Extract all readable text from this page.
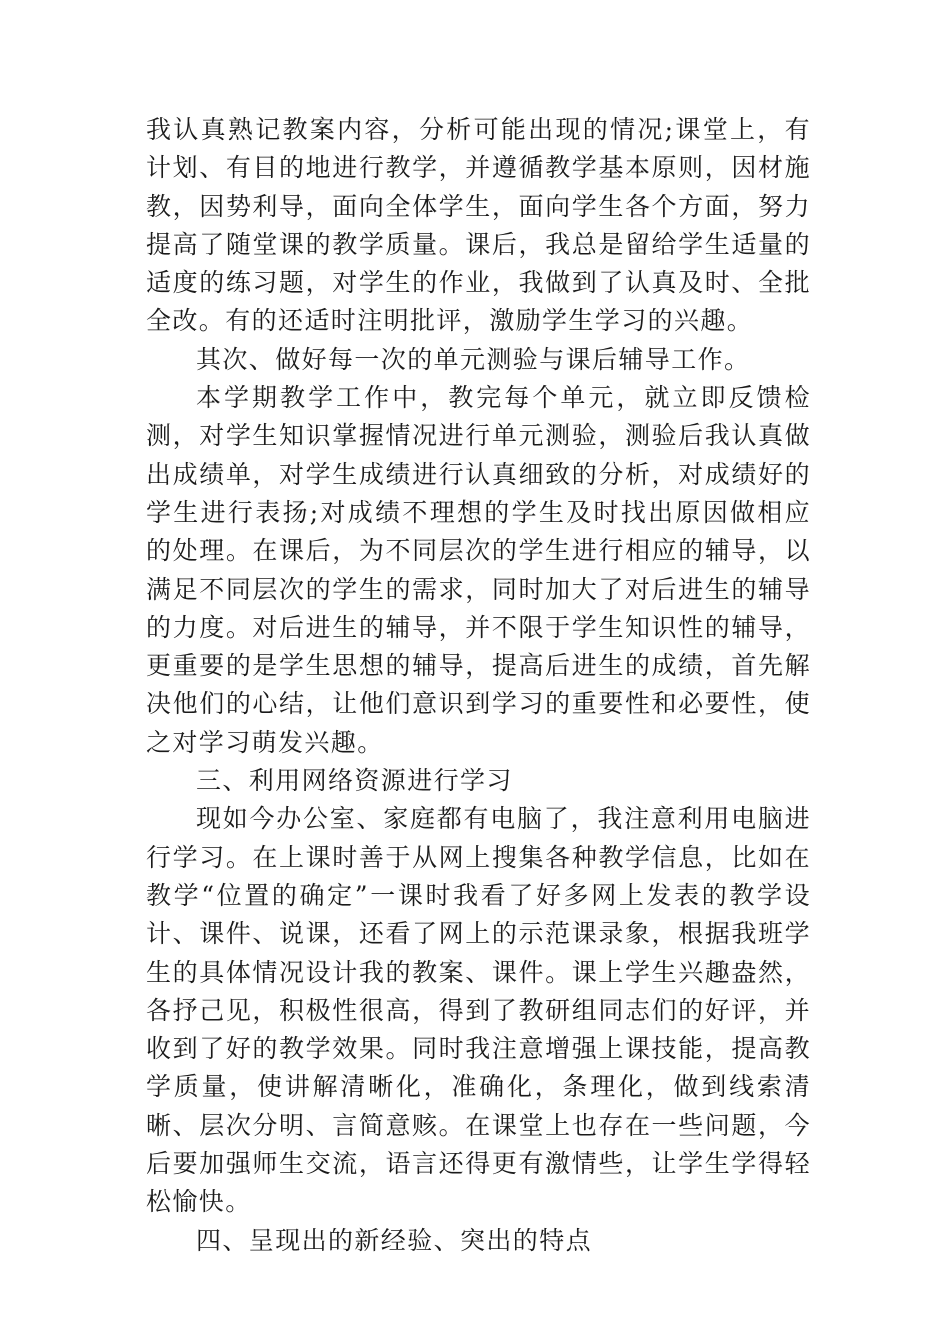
我认真熟记教案内容，分析可能出现的情况;课堂上，有计划、有目的地进行教学，并遵循教学基本原则，因材施教，因势利导，面向全体学生，面向学生各个方面，努力提高了随堂课的教学质量。课后，我总是留给学生适量的适度的练习题，对学生的作业，我做到了认真及时、全批全改。有的还适时注明批评，激励学生学习的兴趣。

其次、做好每一次的单元测验与课后辅导工作。

本学期教学工作中，教完每个单元，就立即反馈检测，对学生知识掌握情况进行单元测验，测验后我认真做出成绩单，对学生成绩进行认真细致的分析，对成绩好的学生进行表扬;对成绩不理想的学生及时找出原因做相应的处理。在课后，为不同层次的学生进行相应的辅导，以满足不同层次的学生的需求，同时加大了对后进生的辅导的力度。对后进生的辅导，并不限于学生知识性的辅导，更重要的是学生思想的辅导，提高后进生的成绩，首先解决他们的心结，让他们意识到学习的重要性和必要性，使之对学习萌发兴趣。

三、利用网络资源进行学习

现如今办公室、家庭都有电脑了，我注意利用电脑进行学习。在上课时善于从网上搜集各种教学信息，比如在教学“位置的确定”一课时我看了好多网上发表的教学设计、课件、说课，还看了网上的示范课录象，根据我班学生的具体情况设计我的教案、课件。课上学生兴趣盎然，各抒己见，积极性很高，得到了教研组同志们的好评，并收到了好的教学效果。同时我注意增强上课技能，提高教学质量，使讲解清晰化，准确化，条理化，做到线索清晰、层次分明、言简意赅。在课堂上也存在一些问题，今后要加强师生交流，语言还得更有激情些，让学生学得轻松愉快。

四、呈现出的新经验、突出的特点
